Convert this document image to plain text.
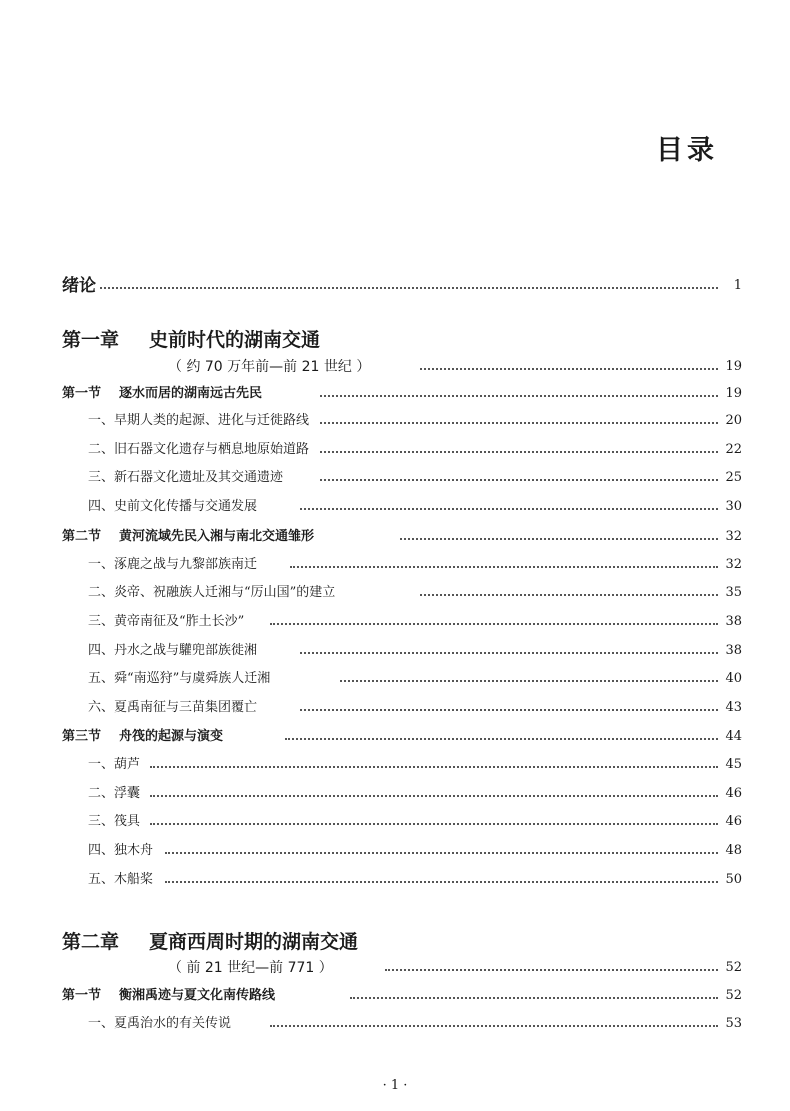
目录
绪论	1
第一章 史前时代的湖南交通
（ 约 70 万年前—前 21 世纪 ）	19
第一节 逐水而居的湖南远古先民	19
一、早期人类的起源、进化与迁徙路线	20
二、旧石器文化遗存与栖息地原始道路	22
三、新石器文化遗址及其交通遗迹	25
四、史前文化传播与交通发展	30
第二节 黄河流域先民入湘与南北交通雏形	32
一、涿鹿之战与九黎部族南迁	32
二、炎帝、祝融族人迁湘与“厉山国”的建立	35
三、黄帝南征及“胙土长沙”	38
四、丹水之战与驩兜部族徙湘	38
五、舜“南巡狩”与虞舜族人迁湘	40
六、夏禹南征与三苗集团覆亡	43
第三节 舟筏的起源与演变	44
一、葫芦	45
二、浮囊	46
三、筏具	46
四、独木舟	48
五、木船桨	50
第二章 夏商西周时期的湖南交通
（ 前 21 世纪—前 771 ）	52
第一节 衡湘禹迹与夏文化南传路线	52
一、夏禹治水的有关传说	53
· 1 ·
